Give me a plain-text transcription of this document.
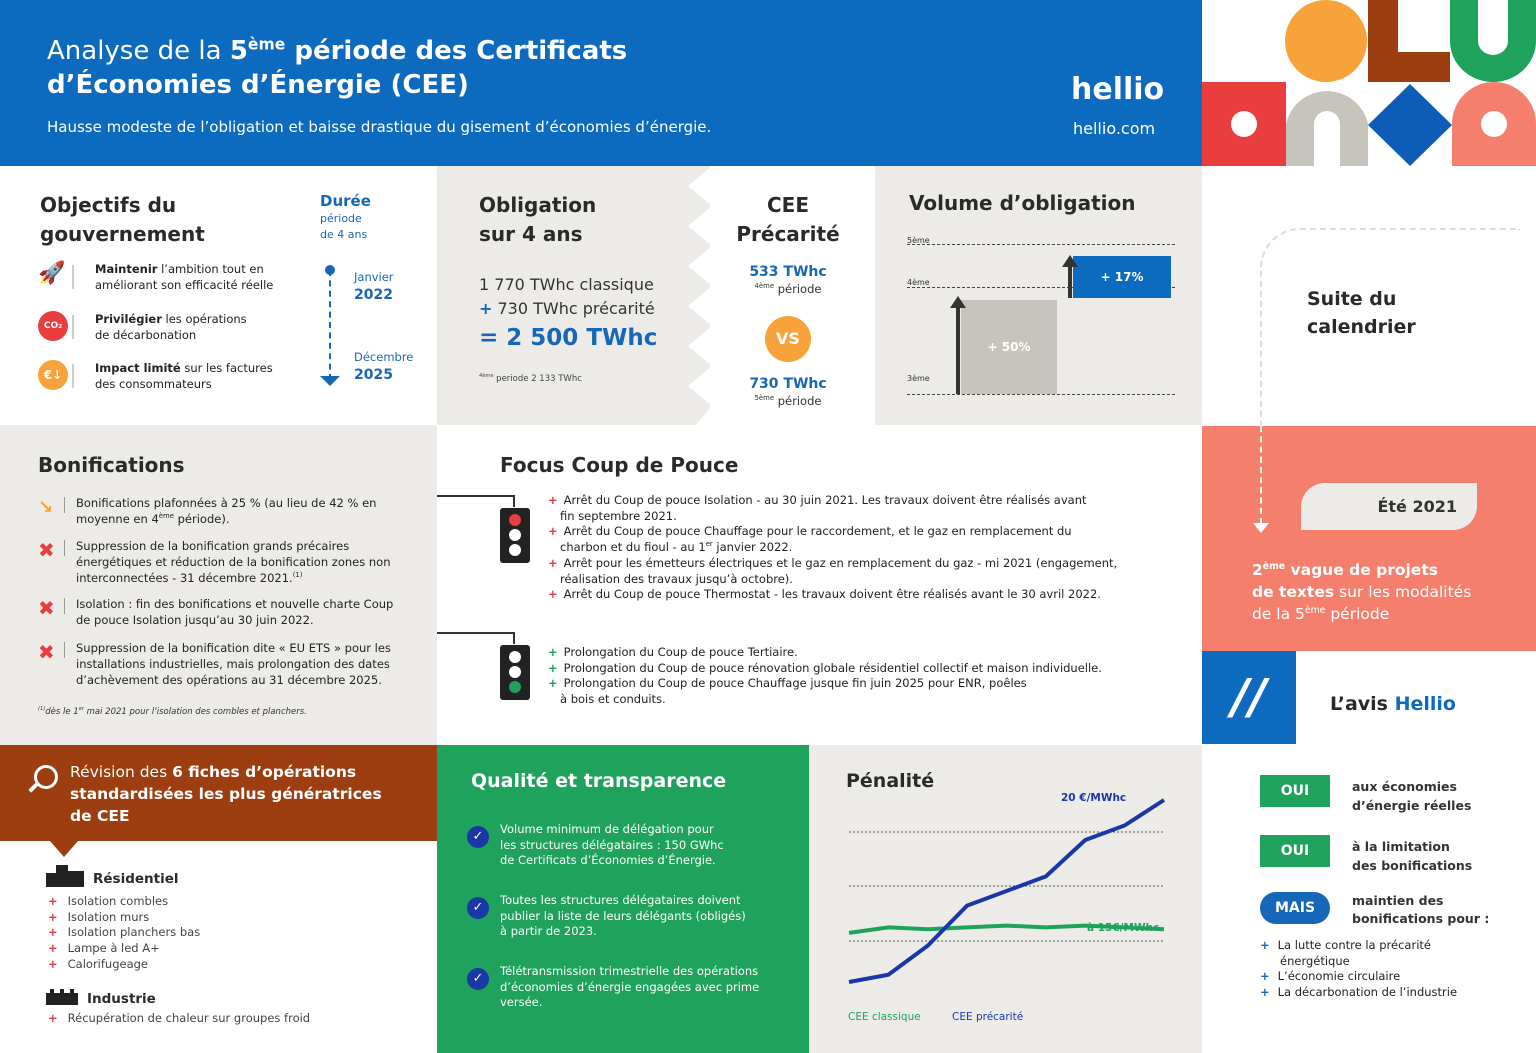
Analyse de la 5ème période des Certificats
d’Économies d’Énergie (CEE)
Hausse modeste de l’obligation et baisse drastique du gisement d’économies d’énergie.
hellio
hellio.com
Objectifs du
gouvernement
🚀	Maintenir l’ambition tout en
améliorant son efficacité réelle
CO₂	Privilégier les opérations
de décarbonation
€↓	Impact limité sur les factures
des consommateurs
Durée
période
de 4 ans
Janvier
2022
Décembre
2025
Obligation
sur 4 ans
1 770 TWhc classique
+ 730 TWhc précarité
= 2 500 TWhc
$^{4ème}$ periode 2 133 TWhc
CEE
Précarité
533 TWhc
$^{4ème}$ période
VS
730 TWhc
$^{5ème}$ période
Volume d’obligation
5ème
4ème
3ème
+ 50%
+ 17%
Suite du
calendrier
Été 2021
2ème vague de projets
de textes sur les modalités
de la 5ème période
Bonifications
↘ Bonifications plafonnées à 25 % (au lieu de 42 % en
moyenne en 4ème période).
✖ Suppression de la bonification grands précaires
énergétiques et réduction de la bonification zones non
interconnectées - 31 décembre 2021.$^{(1)}$
✖ Isolation : fin des bonifications et nouvelle charte Coup
de pouce Isolation jusqu’au 30 juin 2022.
✖ Suppression de la bonification dite « EU ETS » pour les
installations industrielles, mais prolongation des dates
d’achèvement des opérations au 31 décembre 2025.
$^{(1)}$dès le 1er mai 2021 pour l’isolation des combles et planchers.
Focus Coup de Pouce
+ Arrêt du Coup de pouce Isolation - au 30 juin 2021. Les travaux doivent être réalisés avant
fin septembre 2021.
+ Arrêt du Coup de pouce Chauffage pour le raccordement, et le gaz en remplacement du
charbon et du fioul - au 1er janvier 2022.
+ Arrêt pour les émetteurs électriques et le gaz en remplacement du gaz - mi 2021 (engagement,
réalisation des travaux jusqu’à octobre).
+ Arrêt du Coup de pouce Thermostat - les travaux doivent être réalisés avant le 30 avril 2022.
+ Prolongation du Coup de pouce Tertiaire.
+ Prolongation du Coup de pouce rénovation globale résidentiel collectif et maison individuelle.
+ Prolongation du Coup de pouce Chauffage jusque fin juin 2025 pour ENR, poêles
à bois et conduits.	//	L’avis Hellio
OUI	aux économies
d’énergie réelles
OUI	à la limitation
des bonifications
MAIS	maintien des
bonifications pour :
+ La lutte contre la précarité
énergétique
+ L’économie circulaire
+ La décarbonation de l’industrie
Révision des 6 fiches d’opérations
standardisées les plus génératrices
de CEE
Résidentiel
+ Isolation combles
+ Isolation murs
+ Isolation planchers bas
+ Lampe à led A+
+ Calorifugeage
Industrie
+ Récupération de chaleur sur groupes froid
Qualité et transparence
✓	Volume minimum de délégation pour
les structures délégataires : 150 GWhc
de Certificats d’Économies d’Énergie.
✓	Toutes les structures délégataires doivent
publier la liste de leurs délégants (obligés)
à partir de 2023.
✓	Télétransmission trimestrielle des opérations
d’économies d’énergie engagées avec prime
versée.
Pénalité
20 €/MWhc
à 15€/MWhc
CEE classique	CEE précarité
